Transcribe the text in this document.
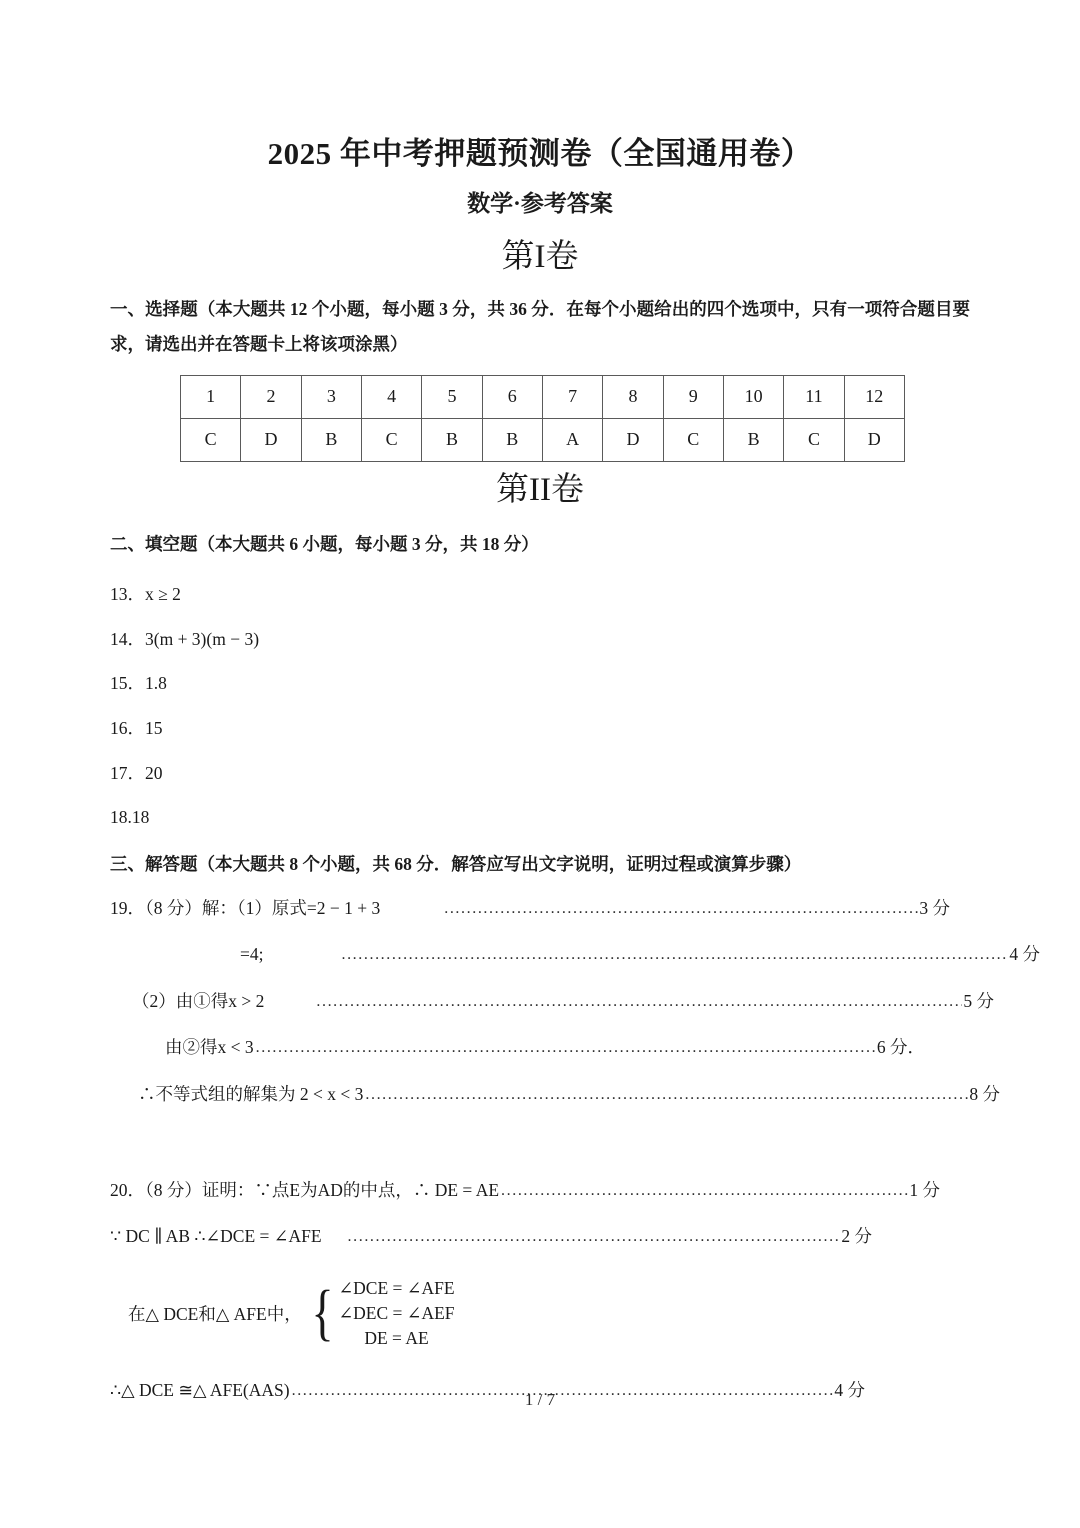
2025 年中考押题预测卷（全国通用卷）
数学·参考答案
第I卷

一、选择题（本大题共 12 个小题，每小题 3 分，共 36 分．在每个小题给出的四个选项中，只有一项符合题目要求，请选出并在答题卡上将该项涂黑）

1	2	3	4	5	6	7	8	9	10	11	12
C	D	B	C	B	B	A	D	C	B	C	D
第II卷

二、填空题（本大题共 6 小题，每小题 3 分，共 18 分）

13．x ≥ 2
14．3(m + 3)(m − 3)
15．1.8
16．15
17．20
18.18

三、解答题（本大题共 8 个小题，共 68 分．解答应写出文字说明，证明过程或演算步骤）

19．（8 分）解：（1）原式=2 − 1 + 3 .....	3 分
=4; .....	4 分
（2）由①得x > 2 .....	5 分
由②得x < 3 .....	6 分．
∴不等式组的解集为 2 < x < 3 .....	8 分
20．（8 分）证明：∵点E为AD的中点，∴ DE = AE .....	1 分
∵ DC ∥ AB ∴∠DCE = ∠AFE .....	2 分
在△ DCE和△ AFE中， { ∠DCE = ∠AFE
∠DEC = ∠AEF
DE = AE
∴△ DCE ≅△ AFE(AAS) .....	4 分
1 / 7
